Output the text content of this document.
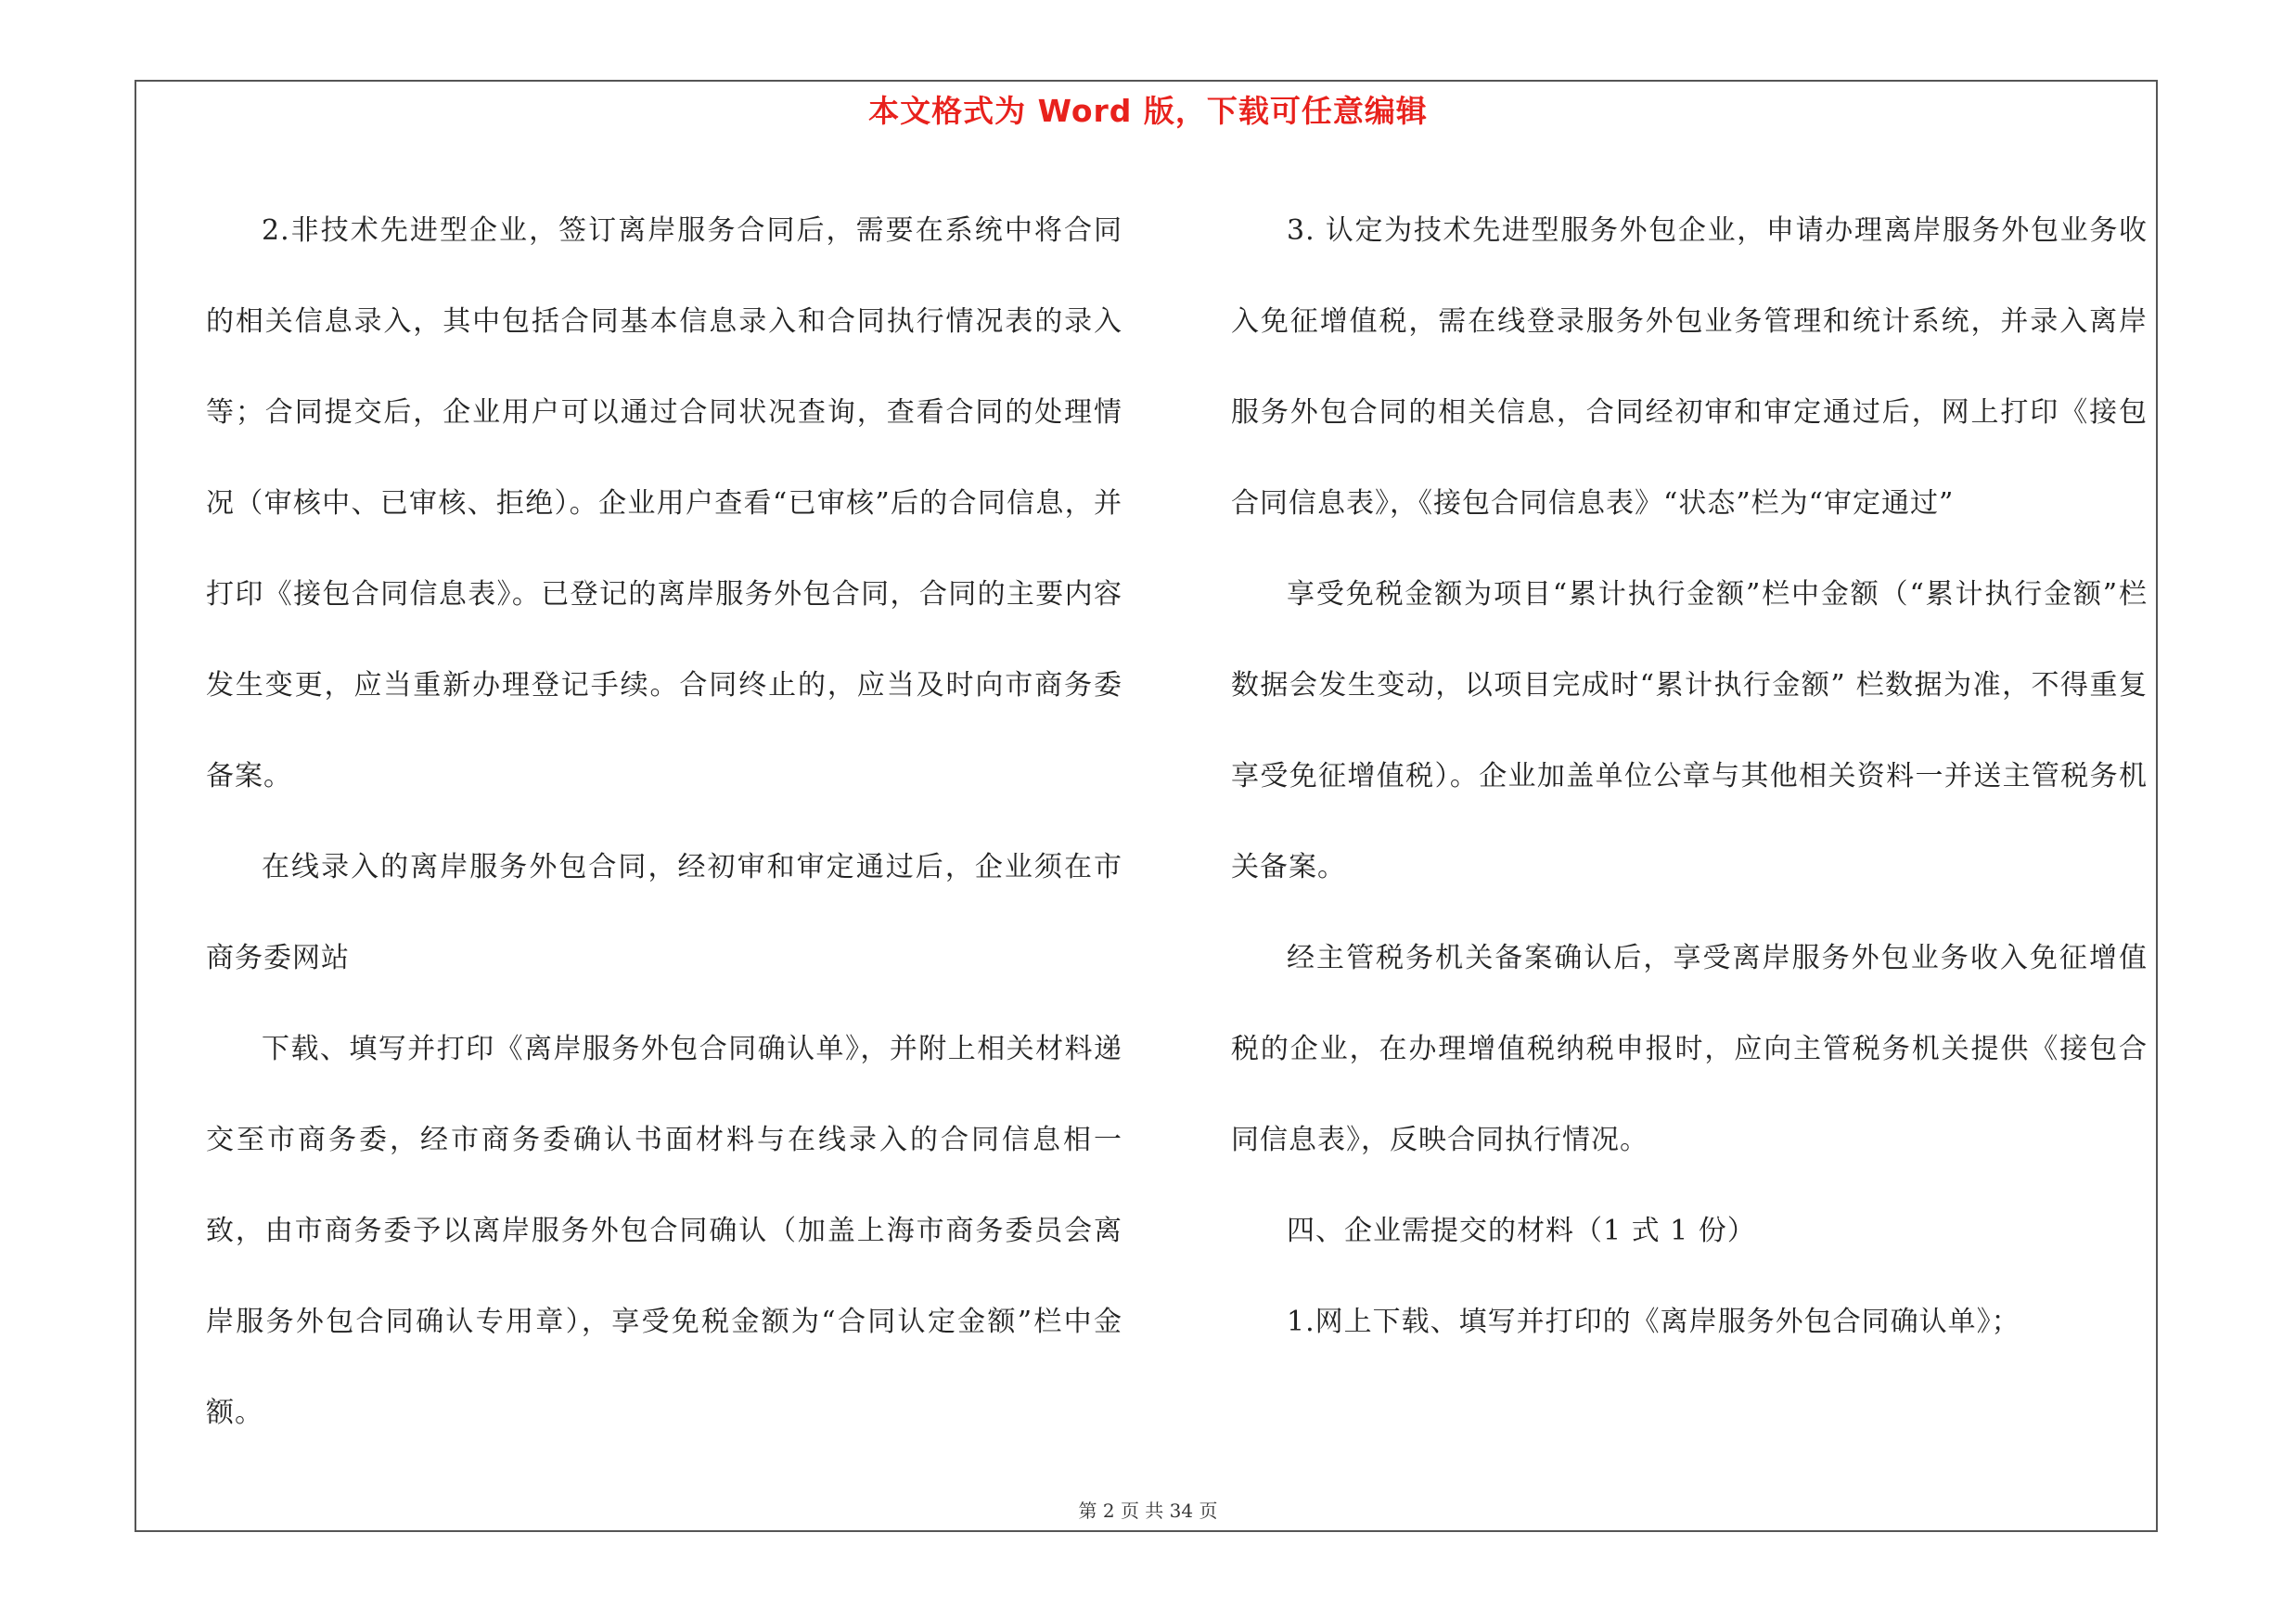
本文格式为 Word 版，下载可任意编辑

2.非技术先进型企业，签订离岸服务合同后，需要在系统中将合同的相关信息录入，其中包括合同基本信息录入和合同执行情况表的录入等；合同提交后，企业用户可以通过合同状况查询，查看合同的处理情况（审核中、已审核、拒绝）。企业用户查看“已审核”后的合同信息，并打印《接包合同信息表》。已登记的离岸服务外包合同，合同的主要内容发生变更，应当重新办理登记手续。合同终止的，应当及时向市商务委备案。

在线录入的离岸服务外包合同，经初审和审定通过后，企业须在市商务委网站

下载、填写并打印《离岸服务外包合同确认单》，并附上相关材料递交至市商务委，经市商务委确认书面材料与在线录入的合同信息相一致，由市商务委予以离岸服务外包合同确认（加盖上海市商务委员会离岸服务外包合同确认专用章），享受免税金额为“合同认定金额”栏中金额。

3. 认定为技术先进型服务外包企业，申请办理离岸服务外包业务收入免征增值税，需在线登录服务外包业务管理和统计系统，并录入离岸服务外包合同的相关信息，合同经初审和审定通过后，网上打印《接包合同信息表》，《接包合同信息表》“状态”栏为“审定通过”

享受免税金额为项目“累计执行金额”栏中金额（“累计执行金额”栏数据会发生变动，以项目完成时“累计执行金额” 栏数据为准，不得重复享受免征增值税）。企业加盖单位公章与其他相关资料一并送主管税务机关备案。

经主管税务机关备案确认后，享受离岸服务外包业务收入免征增值税的企业，在办理增值税纳税申报时，应向主管税务机关提供《接包合同信息表》，反映合同执行情况。

四、企业需提交的材料（1 式 1 份）

1.网上下载、填写并打印的《离岸服务外包合同确认单》；

第 2 页 共 34 页
